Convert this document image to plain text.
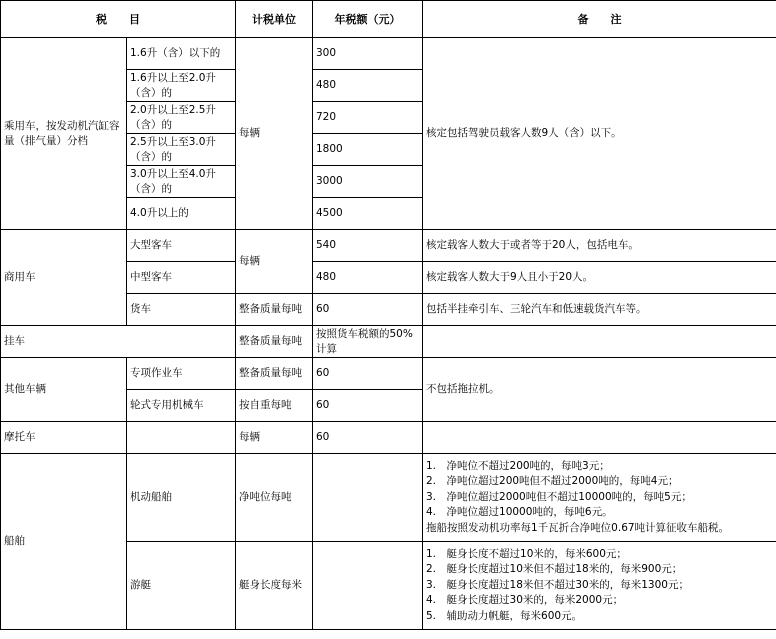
税　　目		计税单位	年税额（元）	备　　注
乘用车，按发动机汽缸容量（排气量）分档	1.6升（含）以下的	每辆	300	核定包括驾驶员载客人数9人（含）以下。
	1.6升以上至2.0升（含）的		480	
	2.0升以上至2.5升（含）的		720	
	2.5升以上至3.0升（含）的		1800	
	3.0升以上至4.0升（含）的		3000	
	4.0升以上的		4500	
商用车	大型客车	每辆	540	核定载客人数大于或者等于20人，包括电车。
	中型客车		480	核定载客人数大于9人且小于20人。
	货车	整备质量每吨	60	包括半挂牵引车、三轮汽车和低速载货汽车等。
挂车		整备质量每吨	按照货车税额的50%计算	
其他车辆	专项作业车	整备质量每吨	60	不包括拖拉机。
	轮式专用机械车	按自重每吨	60	
摩托车		每辆	60	
船舶	机动船舶	净吨位每吨		1.　净吨位不超过200吨的，每吨3元；
2.　净吨位超过200吨但不超过2000吨的，每吨4元；
3.　净吨位超过2000吨但不超过10000吨的，每吨5元；
4.　净吨位超过10000吨的，每吨6元。
拖船按照发动机功率每1千瓦折合净吨位0.67吨计算征收车船税。

	游艇	艇身长度每米		1.　艇身长度不超过10米的，每米600元；
2.　艇身长度超过10米但不超过18米的，每米900元；
3.　艇身长度超过18米但不超过30米的，每米1300元；
4.　艇身长度超过30米的，每米2000元；
5.　辅助动力帆艇，每米600元。
